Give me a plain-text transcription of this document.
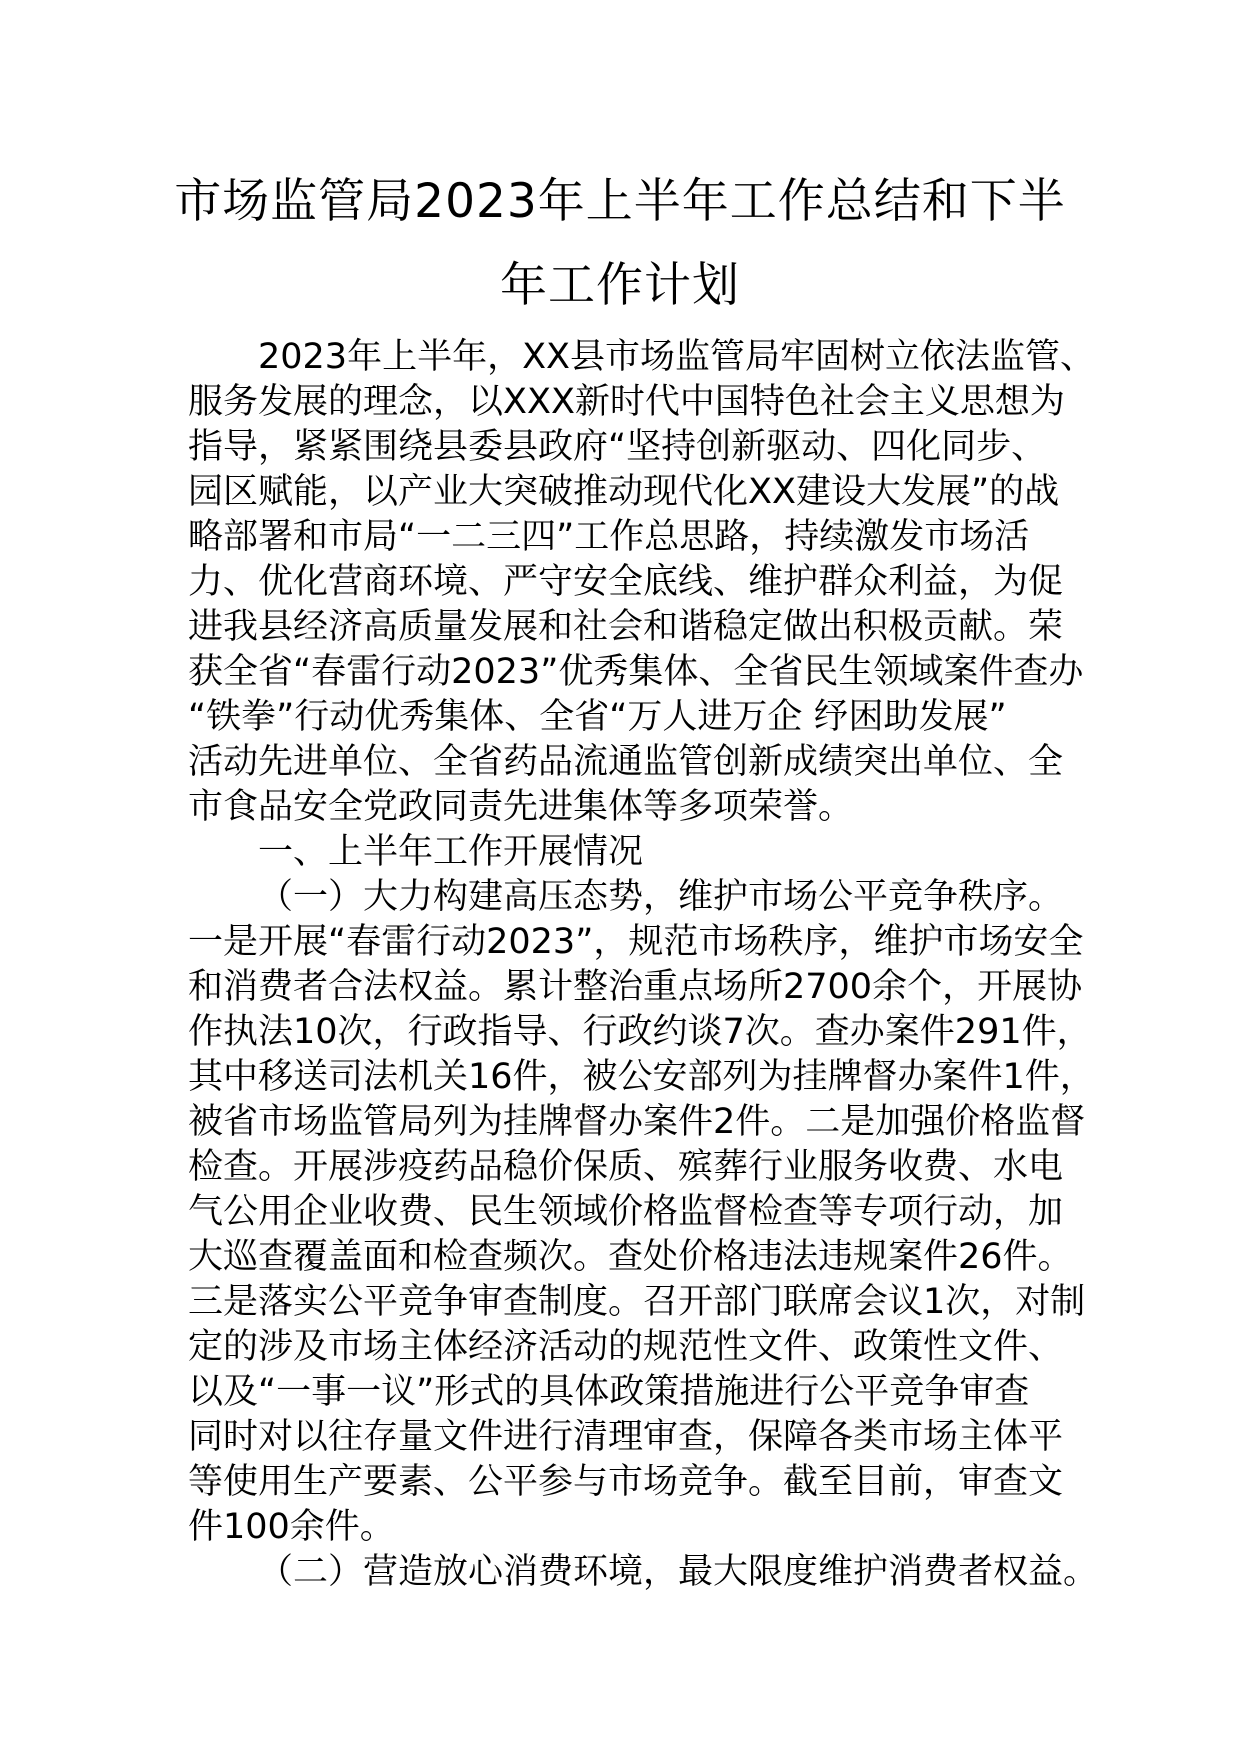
市场监管局2023年上半年工作总结和下半
年工作计划
2023年上半年，XX县市场监管局牢固树立依法监管、
服务发展的理念，以XXX新时代中国特色社会主义思想为
指导，紧紧围绕县委县政府“坚持创新驱动、四化同步、
园区赋能，以产业大突破推动现代化XX建设大发展”的战
略部署和市局“一二三四”工作总思路，持续激发市场活
力、优化营商环境、严守安全底线、维护群众利益，为促
进我县经济高质量发展和社会和谐稳定做出积极贡献。荣
获全省“春雷行动2023”优秀集体、全省民生领域案件查办
“铁拳”行动优秀集体、全省“万人进万企 纾困助发展”
活动先进单位、全省药品流通监管创新成绩突出单位、全
市食品安全党政同责先进集体等多项荣誉。
一、上半年工作开展情况
（一）大力构建高压态势，维护市场公平竞争秩序。
一是开展“春雷行动2023”，规范市场秩序，维护市场安全
和消费者合法权益。累计整治重点场所2700余个，开展协
作执法10次，行政指导、行政约谈7次。查办案件291件，
其中移送司法机关16件，被公安部列为挂牌督办案件1件，
被省市场监管局列为挂牌督办案件2件。二是加强价格监督
检查。开展涉疫药品稳价保质、殡葬行业服务收费、水电
气公用企业收费、民生领域价格监督检查等专项行动，加
大巡查覆盖面和检查频次。查处价格违法违规案件26件。
三是落实公平竞争审查制度。召开部门联席会议1次，对制
定的涉及市场主体经济活动的规范性文件、政策性文件、
以及“一事一议”形式的具体政策措施进行公平竞争审查
同时对以往存量文件进行清理审查，保障各类市场主体平
等使用生产要素、公平参与市场竞争。截至目前，审查文
件100余件。
（二）营造放心消费环境，最大限度维护消费者权益。
